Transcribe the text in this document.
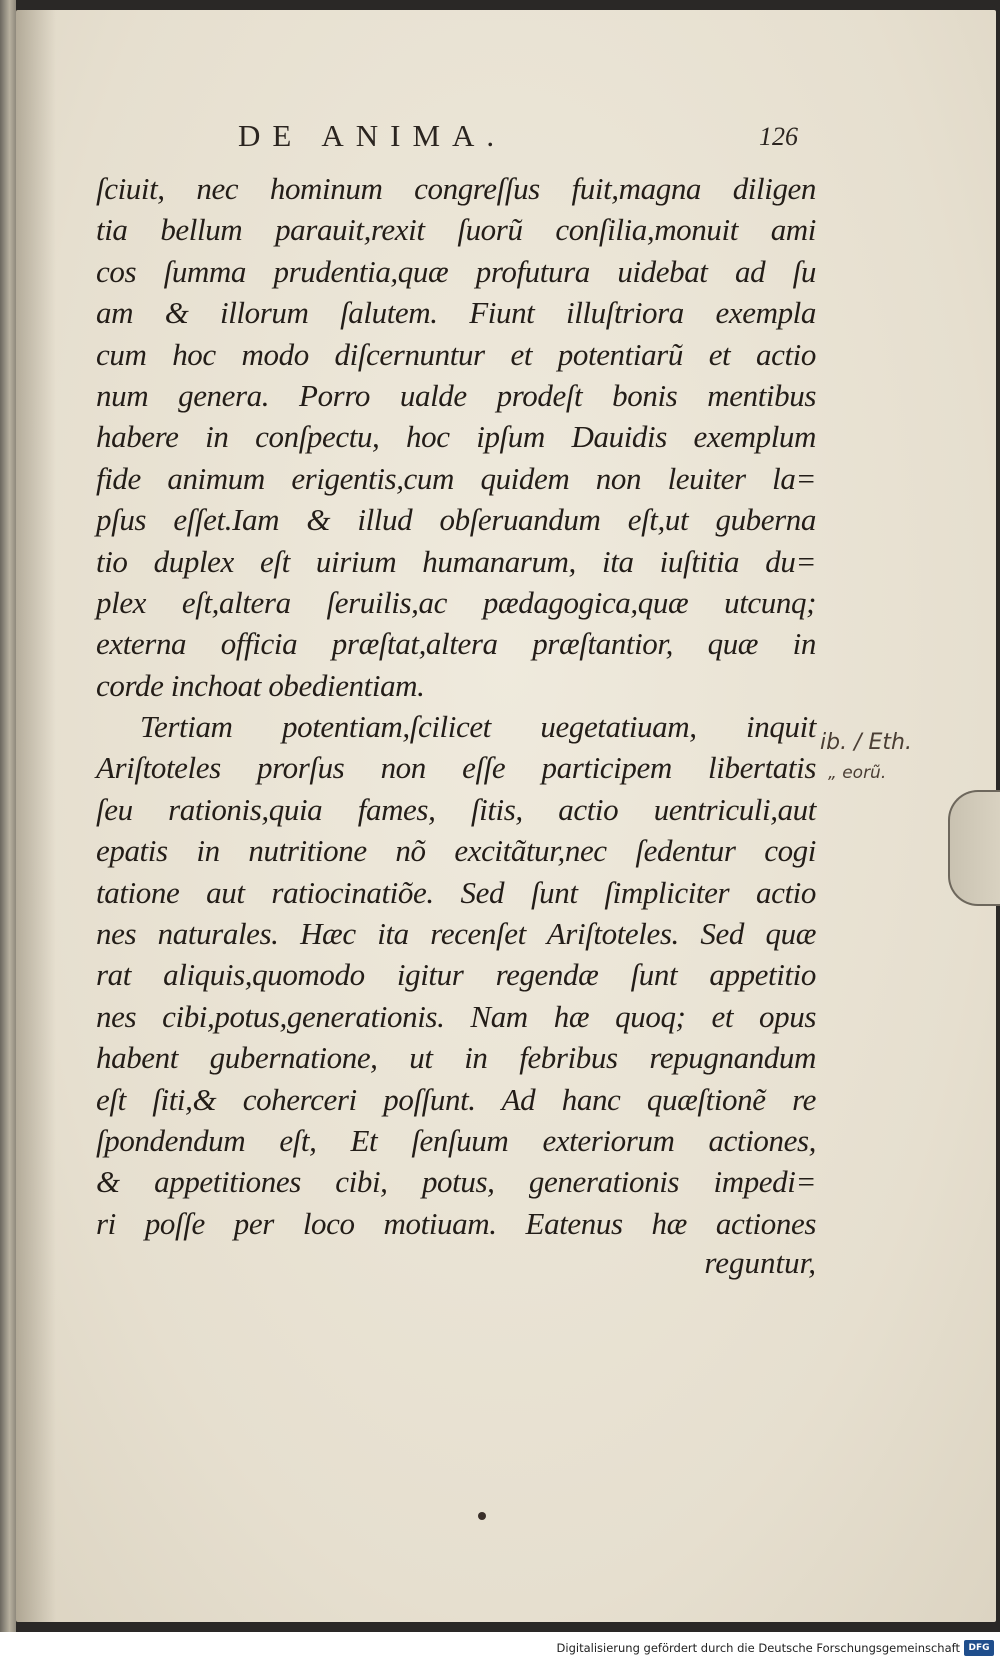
DE ANIMA.	126
ſciuit, nec hominum congreſſus fuit,magna diligen
tia bellum parauit,rexit ſuorũ conſilia,monuit ami
cos ſumma prudentia,quæ profutura uidebat ad ſu
am & illorum ſalutem. Fiunt illuſtriora exempla
cum hoc modo diſcernuntur et potentiarũ et actio
num genera. Porro ualde prodeſt bonis mentibus
habere in conſpectu, hoc ipſum Dauidis exemplum
fide animum erigentis,cum quidem non leuiter la=
pſus eſſet.Iam & illud obſeruandum eſt,ut guberna
tio duplex eſt uirium humanarum, ita iuſtitia du=
plex eſt,altera ſeruilis,ac pædagogica,quæ utcunq;
externa officia præſtat,altera præſtantior, quæ in
corde inchoat obedientiam.
Tertiam potentiam,ſcilicet uegetatiuam, inquit
Ariſtoteles prorſus non eſſe participem libertatis
ſeu rationis,quia fames, ſitis, actio uentriculi,aut
epatis in nutritione nõ excitãtur,nec ſedentur cogi
tatione aut ratiocinatiõe. Sed ſunt ſimpliciter actio
nes naturales. Hæc ita recenſet Ariſtoteles. Sed quæ
rat aliquis,quomodo igitur regendæ ſunt appetitio
nes cibi,potus,generationis. Nam hæ quoq; et opus
habent gubernatione, ut in febribus repugnandum
eſt ſiti,& coherceri poſſunt. Ad hanc quæſtionẽ re
ſpondendum eſt, Et ſenſuum exteriorum actiones,
& appetitiones cibi, potus, generationis impedi=
ri poſſe per loco motiuam. Eatenus hæ actiones
reguntur,
ib. / Eth.
„ eorũ.
Digitalisierung gefördert durch die Deutsche Forschungsgemeinschaft DFG
